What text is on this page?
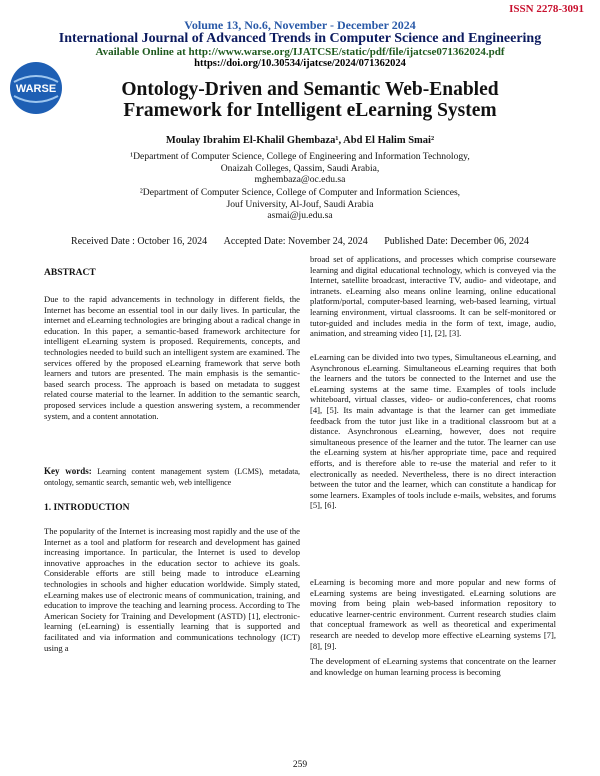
ISSN 2278-3091
Volume 13, No.6, November - December 2024
International Journal of Advanced Trends in Computer Science and Engineering
Available Online at http://www.warse.org/IJATCSE/static/pdf/file/ijatcse071362024.pdf
https://doi.org/10.30534/ijatcse/2024/071362024
WARSE	Ontology-Driven and Semantic Web-Enabled
Framework for Intelligent eLearning System
Moulay Ibrahim El-Khalil Ghembaza¹, Abd El Halim Smai²
¹Department of Computer Science, College of Engineering and Information Technology,
Onaizah Colleges, Qassim, Saudi Arabia,
mghembaza@oc.edu.sa
²Department of Computer Science, College of Computer and Information Sciences,
Jouf University, Al-Jouf, Saudi Arabia
asmai@ju.edu.sa
Received Date : October 16, 2024 Accepted Date: November 24, 2024 Published Date: December 06, 2024
ABSTRACT

Due to the rapid advancements in technology in different fields, the Internet has become an essential tool in our daily lives. In particular, the internet and eLearning technologies are bringing about a radical change in education. In this paper, a semantic-based framework architecture for intelligent eLearning system is proposed. Requirements, concepts, and technologies needed to build such an intelligent system are examined. The services offered by the proposed eLearning framework that serve both learners and tutors are presented. The main emphasis is the semantic-based search process. The approach is based on metadata to suggest related course material to the learner. In addition to the semantic search, proposed services include a question answering system, a recommender system, and a content annotation.

Key words: Learning content management system (LCMS), metadata, ontology, semantic search, semantic web, web intelligence
1. INTRODUCTION

The popularity of the Internet is increasing most rapidly and the use of the Internet as a tool and platform for research and development has gained increasing importance. In particular, the Internet is used to develop innovative approaches in the education sector to achieve its goals. Considerable efforts are still being made to introduce eLearning technologies in schools and higher education worldwide. Simply stated, eLearning makes use of electronic means of communication, training, and education to improve the teaching and learning process. According to The American Society for Training and Development (ASTD) [1], electronic-learning (eLearning) is essentially learning that is supported and facilitated and via information and communications technology (ICT) using a

broad set of applications, and processes which comprise courseware learning and digital educational technology, which is conveyed via the Internet, satellite broadcast, interactive TV, audio- and videotape, and intranets. eLearning also means online learning, online educational platform/portal, computer-based learning, web-based learning, virtual learning environment, virtual classrooms. It can be self-monitored or tutor-guided and includes media in the form of text, image, audio, animation, and streaming video [1], [2], [3].

eLearning can be divided into two types, Simultaneous eLearning, and Asynchronous eLearning. Simultaneous eLearning requires that both the learners and the tutors be connected to the Internet and use the eLearning systems at the same time. Examples of tools include whiteboard, virtual classes, video- or audio-conferences, chat rooms [4], [5]. Its main advantage is that the learner can get immediate feedback from the tutor just like in a traditional classroom but at a distance. Asynchronous eLearning, however, does not require simultaneous presence of the learner and the tutor. The learner can use the eLearning system at his/her appropriate time, pace and required efforts, and is therefore able to re-use the material and refer to it electronically as needed. Nevertheless, there is no direct interaction between the tutor and the learner, which can constitute a handicap for some learners. Examples of tools include e-mails, websites, and forums [5], [6].

eLearning is becoming more and more popular and new forms of eLearning systems are being investigated. eLearning solutions are moving from being plain web-based information repository to educative learner-centric environment. Current research studies claim that conceptual framework as well as theoretical and experimental research are needed to develop more effective eLearning systems [7], [8], [9].

The development of eLearning systems that concentrate on the learner and knowledge on human learning process is becoming

259
